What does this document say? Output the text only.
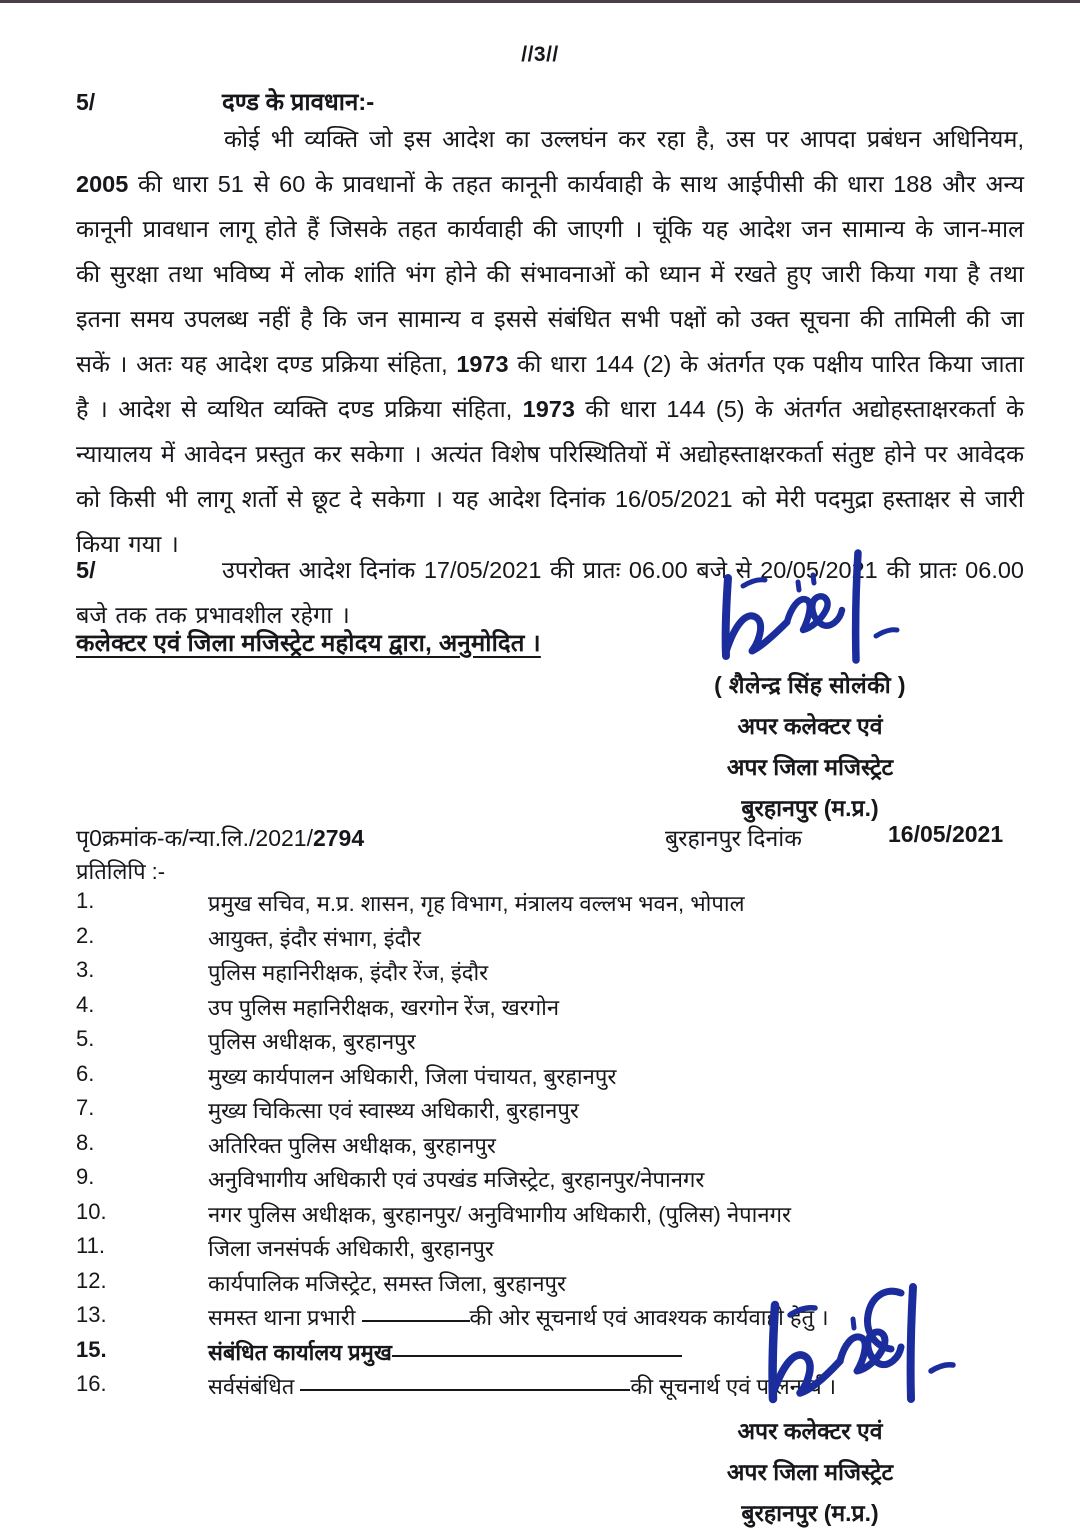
//3//
5/	दण्ड के प्रावधान:-
कोई भी व्यक्ति जो इस आदेश का उल्लघंन कर रहा है, उस पर आपदा प्रबंधन अधिनियम, 2005 की धारा 51 से 60 के प्रावधानों के तहत कानूनी कार्यवाही के साथ आईपीसी की धारा 188 और अन्य कानूनी प्रावधान लागू होते हैं जिसके तहत कार्यवाही की जाएगी । चूंकि यह आदेश जन सामान्य के जान-माल की सुरक्षा तथा भविष्य में लोक शांति भंग होने की संभावनाओं को ध्यान में रखते हुए जारी किया गया है तथा इतना समय उपलब्ध नहीं है कि जन सामान्य व इससे संबंधित सभी पक्षों को उक्त सूचना की तामिली की जा सकें । अतः यह आदेश दण्ड प्रक्रिया संहिता, 1973 की धारा 144 (2) के अंतर्गत एक पक्षीय पारित किया जाता है । आदेश से व्यथित व्यक्ति दण्ड प्रक्रिया संहिता, 1973 की धारा 144 (5) के अंतर्गत अद्योहस्ताक्षरकर्ता के न्यायालय में आवेदन प्रस्तुत कर सकेगा । अत्यंत विशेष परिस्थितियों में अद्योहस्ताक्षरकर्ता संतुष्ट होने पर आवेदक को किसी भी लागू शर्तो से छूट दे सकेगा । यह आदेश दिनांक 16/05/2021 को मेरी पदमुद्रा हस्ताक्षर से जारी किया गया ।
5/	उपरोक्त आदेश दिनांक 17/05/2021 की प्रातः 06.00 बजे से 20/05/2021 की प्रातः 06.00 बजे तक तक प्रभावशील रहेगा ।
कलेक्टर एवं जिला मजिस्ट्रेट महोदय द्वारा, अनुमोदित ।
( शैलेन्द्र सिंह सोलंकी )
अपर कलेक्टर एवं
अपर जिला मजिस्ट्रेट
बुरहानपुर (म.प्र.)
पृ0क्रमांक-क/न्या.लि./2021/2794	बुरहानपुर दिनांक	16/05/2021
प्रतिलिपि :-
1.	प्रमुख सचिव, म.प्र. शासन, गृह विभाग, मंत्रालय वल्लभ भवन, भोपाल
2.	आयुक्त, इंदौर संभाग, इंदौर
3.	पुलिस महानिरीक्षक, इंदौर रेंज, इंदौर
4.	उप पुलिस महानिरीक्षक, खरगोन रेंज, खरगोन
5.	पुलिस अधीक्षक, बुरहानपुर
6.	मुख्य कार्यपालन अधिकारी, जिला पंचायत, बुरहानपुर
7.	मुख्य चिकित्सा एवं स्वास्थ्य अधिकारी, बुरहानपुर
8.	अतिरिक्त पुलिस अधीक्षक, बुरहानपुर
9.	अनुविभागीय अधिकारी एवं उपखंड मजिस्ट्रेट, बुरहानपुर/नेपानगर
10.	नगर पुलिस अधीक्षक, बुरहानपुर/ अनुविभागीय अधिकारी, (पुलिस) नेपानगर
11.	जिला जनसंपर्क अधिकारी, बुरहानपुर
12.	कार्यपालिक मजिस्ट्रेट, समस्त जिला, बुरहानपुर
13.	समस्त थाना प्रभारी	की ओर सूचनार्थ एवं आवश्यक कार्यवाही हेतु ।
15.	संबंधित कार्यालय प्रमुख
16.	सर्वसंबंधित	की सूचनार्थ एवं पालनार्थ ।
अपर कलेक्टर एवं
अपर जिला मजिस्ट्रेट
बुरहानपुर (म.प्र.)
